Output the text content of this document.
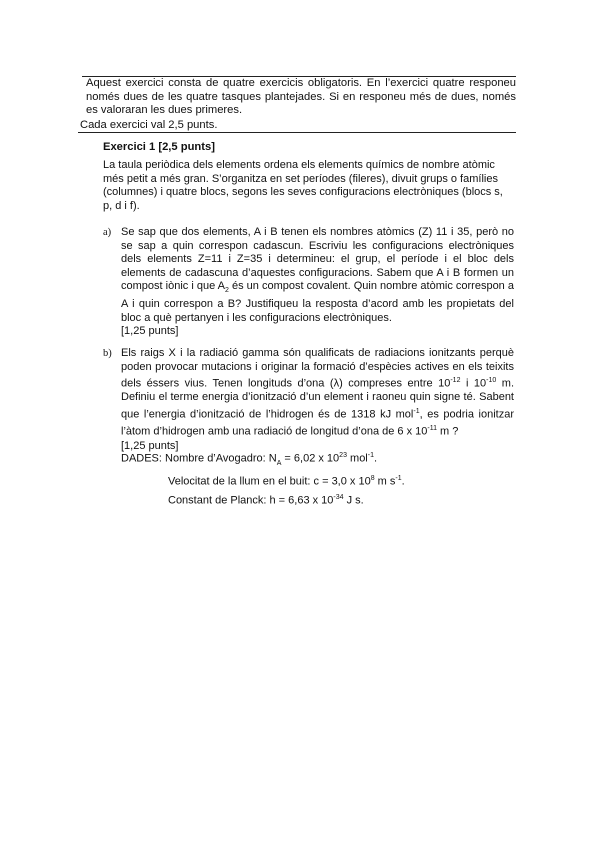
Aquest exercici consta de quatre exercicis obligatoris. En l’exercici quatre responeu només dues de les quatre tasques plantejades. Si en responeu més de dues, només es valoraran les dues primeres.
Cada exercici val 2,5 punts.
Exercici 1 [2,5 punts]
La taula periòdica dels elements ordena els elements químics de nombre atòmic més petit a més gran. S’organitza en set períodes (fileres), divuit grups o famílies (columnes) i quatre blocs, segons les seves configuracions electròniques (blocs s, p, d i f).
a) Se sap que dos elements, A i B tenen els nombres atòmics (Z) 11 i 35, però no se sap a quin correspon cadascun. Escriviu les configuracions electròniques dels elements Z=11 i Z=35 i determineu: el grup, el període i el bloc dels elements de cadascuna d’aquestes configuracions. Sabem que A i B formen un compost iònic i que $A_2$ és un compost covalent. Quin nombre atòmic correspon a A i quin correspon a B? Justifiqueu la resposta d’acord amb les propietats del bloc a què pertanyen i les configuracions electròniques.
[1,25 punts]
b) Els raigs X i la radiació gamma són qualificats de radiacions ionitzants perquè poden provocar mutacions i originar la formació d’espècies actives en els teixits dels éssers vius. Tenen longituds d’ona (λ) compreses entre $10^{-12}$ i $10^{-10}$ m. Definiu el terme energia d’ionització d’un element i raoneu quin signe té. Sabent que l’energia d’ionització de l’hidrogen és de 1318 kJ mol$^{-1}$, es podria ionitzar l’àtom d’hidrogen amb una radiació de longitud d’ona de 6 x $10^{-11}$ m ?
[1,25 punts]
DADES: Nombre d’Avogadro: $N_A = 6,02$ x $10^{23}$ mol$^{-1}$.
Velocitat de la llum en el buit: c = 3,0 x $10^8$ m $s^{-1}$.
Constant de Planck: h = 6,63 x $10^{-34}$ J s.
